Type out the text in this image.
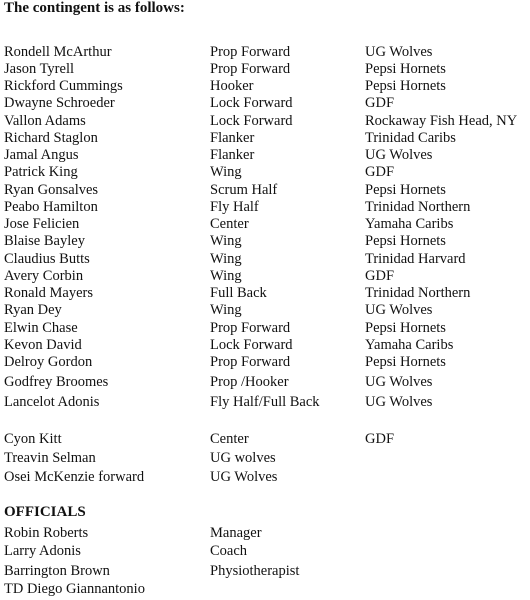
The contingent is as follows:
Rondell McArthur	Prop Forward	UG Wolves
Jason Tyrell	Prop Forward	Pepsi Hornets
Rickford Cummings	Hooker	Pepsi Hornets
Dwayne Schroeder	Lock Forward	GDF
Vallon Adams	Lock Forward	Rockaway Fish Head, NY
Richard Staglon	Flanker	Trinidad Caribs
Jamal Angus	Flanker	UG Wolves
Patrick King	Wing	GDF
Ryan Gonsalves	Scrum Half	Pepsi Hornets
Peabo Hamilton	Fly Half	Trinidad Northern
Jose Felicien	Center	Yamaha Caribs
Blaise Bayley	Wing	Pepsi Hornets
Claudius Butts	Wing	Trinidad Harvard
Avery Corbin	Wing	GDF
Ronald Mayers	Full Back	Trinidad Northern
Ryan Dey	Wing	UG Wolves
Elwin Chase	Prop Forward	Pepsi Hornets
Kevon David	Lock Forward	Yamaha Caribs
Delroy Gordon	Prop Forward	Pepsi Hornets
Godfrey Broomes	Prop /Hooker	UG Wolves
Lancelot Adonis	Fly Half/Full Back	UG Wolves
Cyon Kitt	Center	GDF
Treavin Selman	UG wolves
Osei McKenzie forward	UG Wolves
OFFICIALS
Robin Roberts	Manager
Larry Adonis	Coach
Barrington Brown	Physiotherapist
TD Diego Giannantonio
